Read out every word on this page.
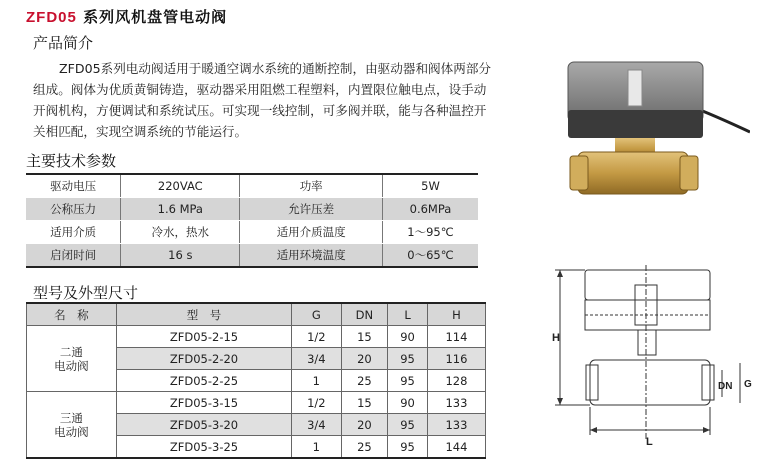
ZFD05 系列风机盘管电动阀
产品简介
ZFD05系列电动阀适用于暖通空调水系统的通断控制，由驱动器和阀体两部分组成。阀体为优质黄铜铸造，驱动器采用阻燃工程塑料，内置限位触电点，设手动开阀机构，方便调试和系统试压。可实现一线控制，可多阀并联，能与各种温控开关相匹配，实现空调系统的节能运行。
主要技术参数
驱动电压	220VAC	功率	5W
公称压力	1.6 MPa	允许压差	0.6MPa
适用介质	冷水，热水	适用介质温度	1～95℃
启闭时间	16 s	适用环境温度	0～65℃
型号及外型尺寸
名　称	型　号	G	DN	L	H
二通
电动阀	ZFD05-2-15	1/2	15	90	114
	ZFD05-2-20	3/4	20	95	116
	ZFD05-2-25	1	25	95	128
三通
电动阀	ZFD05-3-15	1/2	15	90	133
	ZFD05-3-20	3/4	20	95	133
	ZFD05-3-25	1	25	95	144
H
DN G
L
